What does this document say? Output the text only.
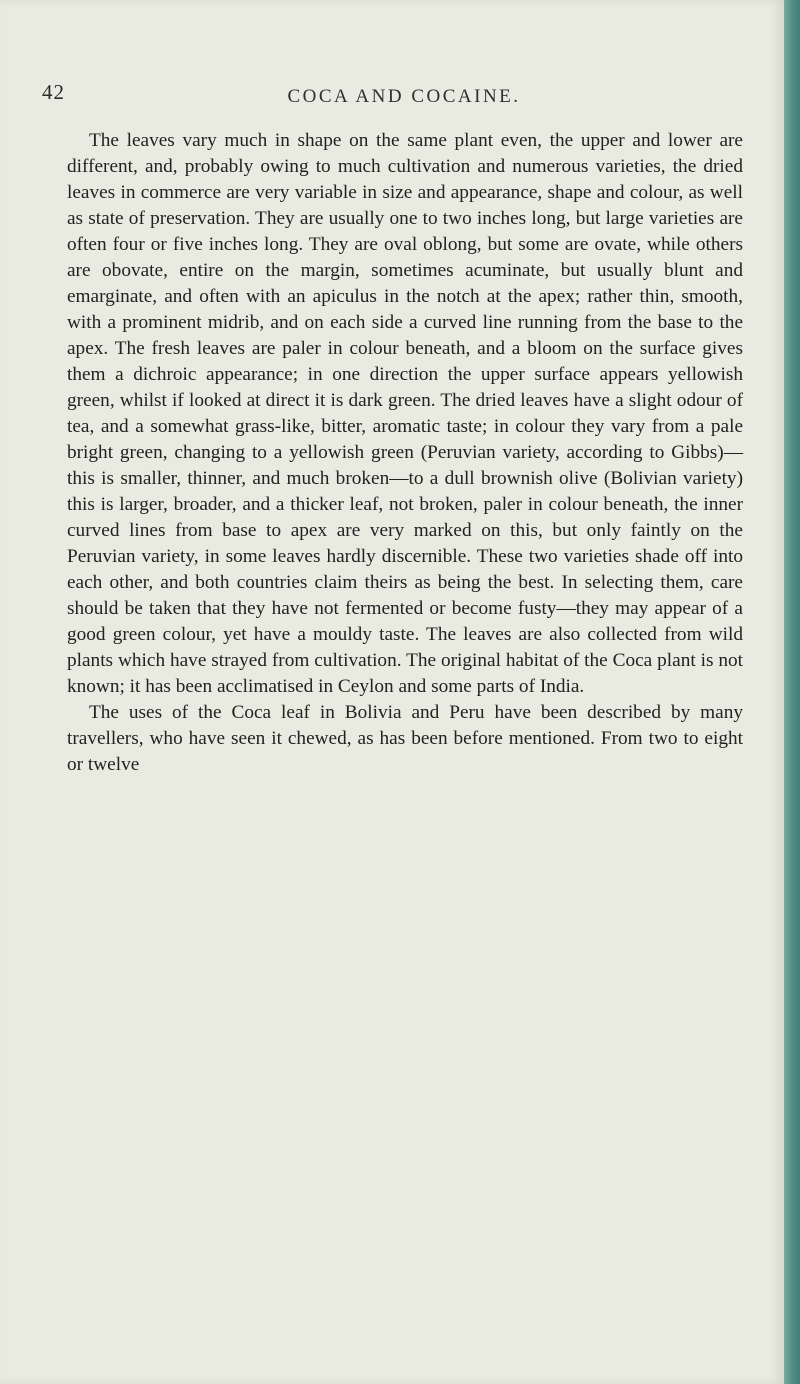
42	COCA AND COCAINE.

The leaves vary much in shape on the same plant even, the upper and lower are different, and, probably owing to much cultivation and numerous varieties, the dried leaves in commerce are very variable in size and appearance, shape and colour, as well as state of preservation. They are usually one to two inches long, but large varieties are often four or five inches long. They are oval oblong, but some are ovate, while others are obovate, entire on the margin, sometimes acuminate, but usually blunt and emarginate, and often with an apiculus in the notch at the apex; rather thin, smooth, with a prominent midrib, and on each side a curved line running from the base to the apex. The fresh leaves are paler in colour beneath, and a bloom on the surface gives them a dichroic appearance; in one direction the upper surface appears yellowish green, whilst if looked at direct it is dark green. The dried leaves have a slight odour of tea, and a somewhat grass-like, bitter, aromatic taste; in colour they vary from a pale bright green, changing to a yellowish green (Peruvian variety, according to Gibbs)—this is smaller, thinner, and much broken—to a dull brownish olive (Bolivian variety) this is larger, broader, and a thicker leaf, not broken, paler in colour beneath, the inner curved lines from base to apex are very marked on this, but only faintly on the Peruvian variety, in some leaves hardly discernible. These two varieties shade off into each other, and both countries claim theirs as being the best. In selecting them, care should be taken that they have not fermented or become fusty—they may appear of a good green colour, yet have a mouldy taste. The leaves are also collected from wild plants which have strayed from cultivation. The original habitat of the Coca plant is not known; it has been acclimatised in Ceylon and some parts of India.

The uses of the Coca leaf in Bolivia and Peru have been described by many travellers, who have seen it chewed, as has been before mentioned. From two to eight or twelve
